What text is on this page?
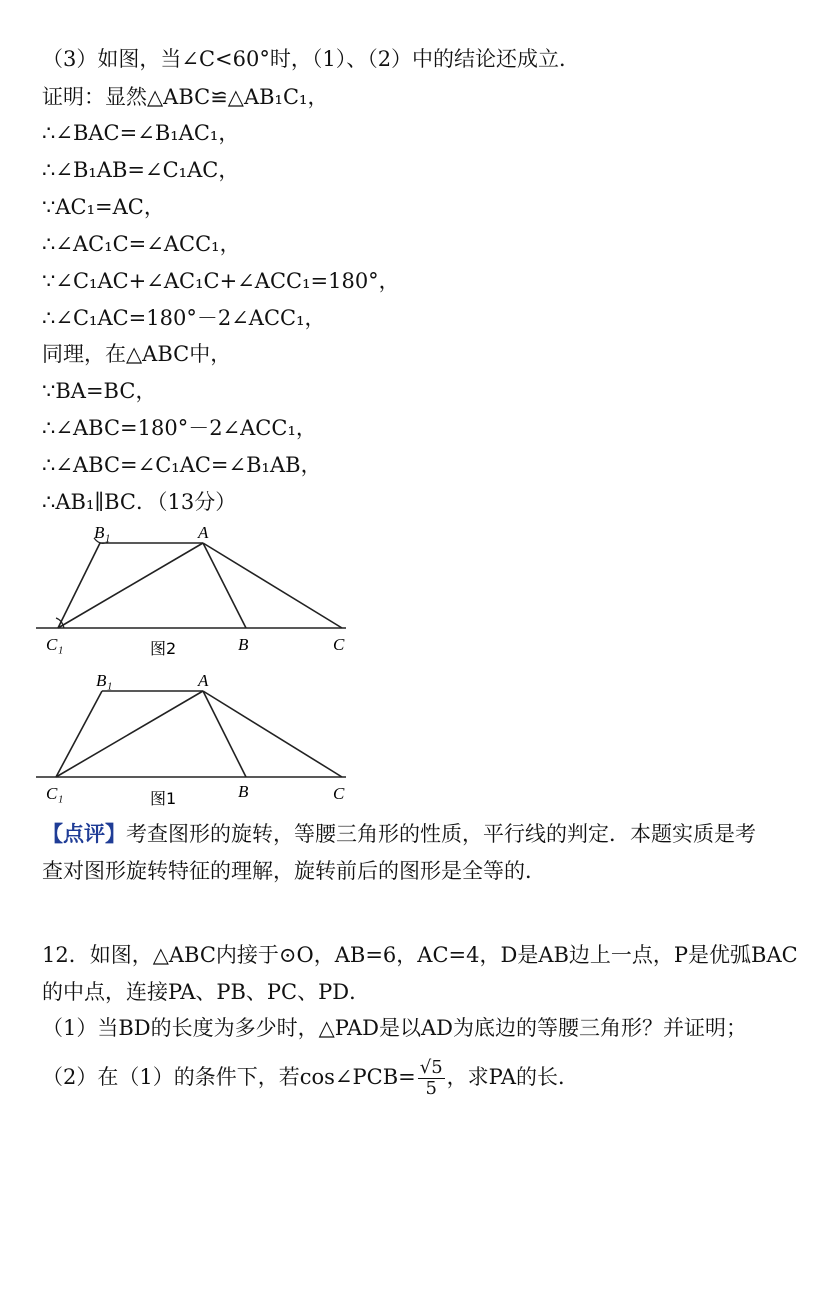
（3）如图，当∠C<60°时，（1）、（2）中的结论还成立．
证明：显然△ABC≌△AB₁C₁，
∴∠BAC=∠B₁AC₁，
∴∠B₁AB=∠C₁AC，
∵AC₁=AC，
∴∠AC₁C=∠ACC₁，
∵∠C₁AC+∠AC₁C+∠ACC₁=180°，
∴∠C₁AC=180°－2∠ACC₁，
同理，在△ABC中，
∵BA=BC，
∴∠ABC=180°－2∠ACC₁，
∴∠ABC=∠C₁AC=∠B₁AB，
∴AB₁∥BC．（13分）
B₁	A
C₁	B	C
图2
B₁	A
C₁	B	C
图1
【点评】考查图形的旋转，等腰三角形的性质，平行线的判定．本题实质是考
查对图形旋转特征的理解，旋转前后的图形是全等的．
12．如图，△ABC内接于⊙O，AB=6，AC=4，D是AB边上一点，P是优弧BAC
的中点，连接PA、PB、PC、PD．
（1）当BD的长度为多少时，△PAD是以AD为底边的等腰三角形？并证明；
（2）在（1）的条件下，若cos∠PCB= $\frac{√5}{5}$ ，求PA的长．
